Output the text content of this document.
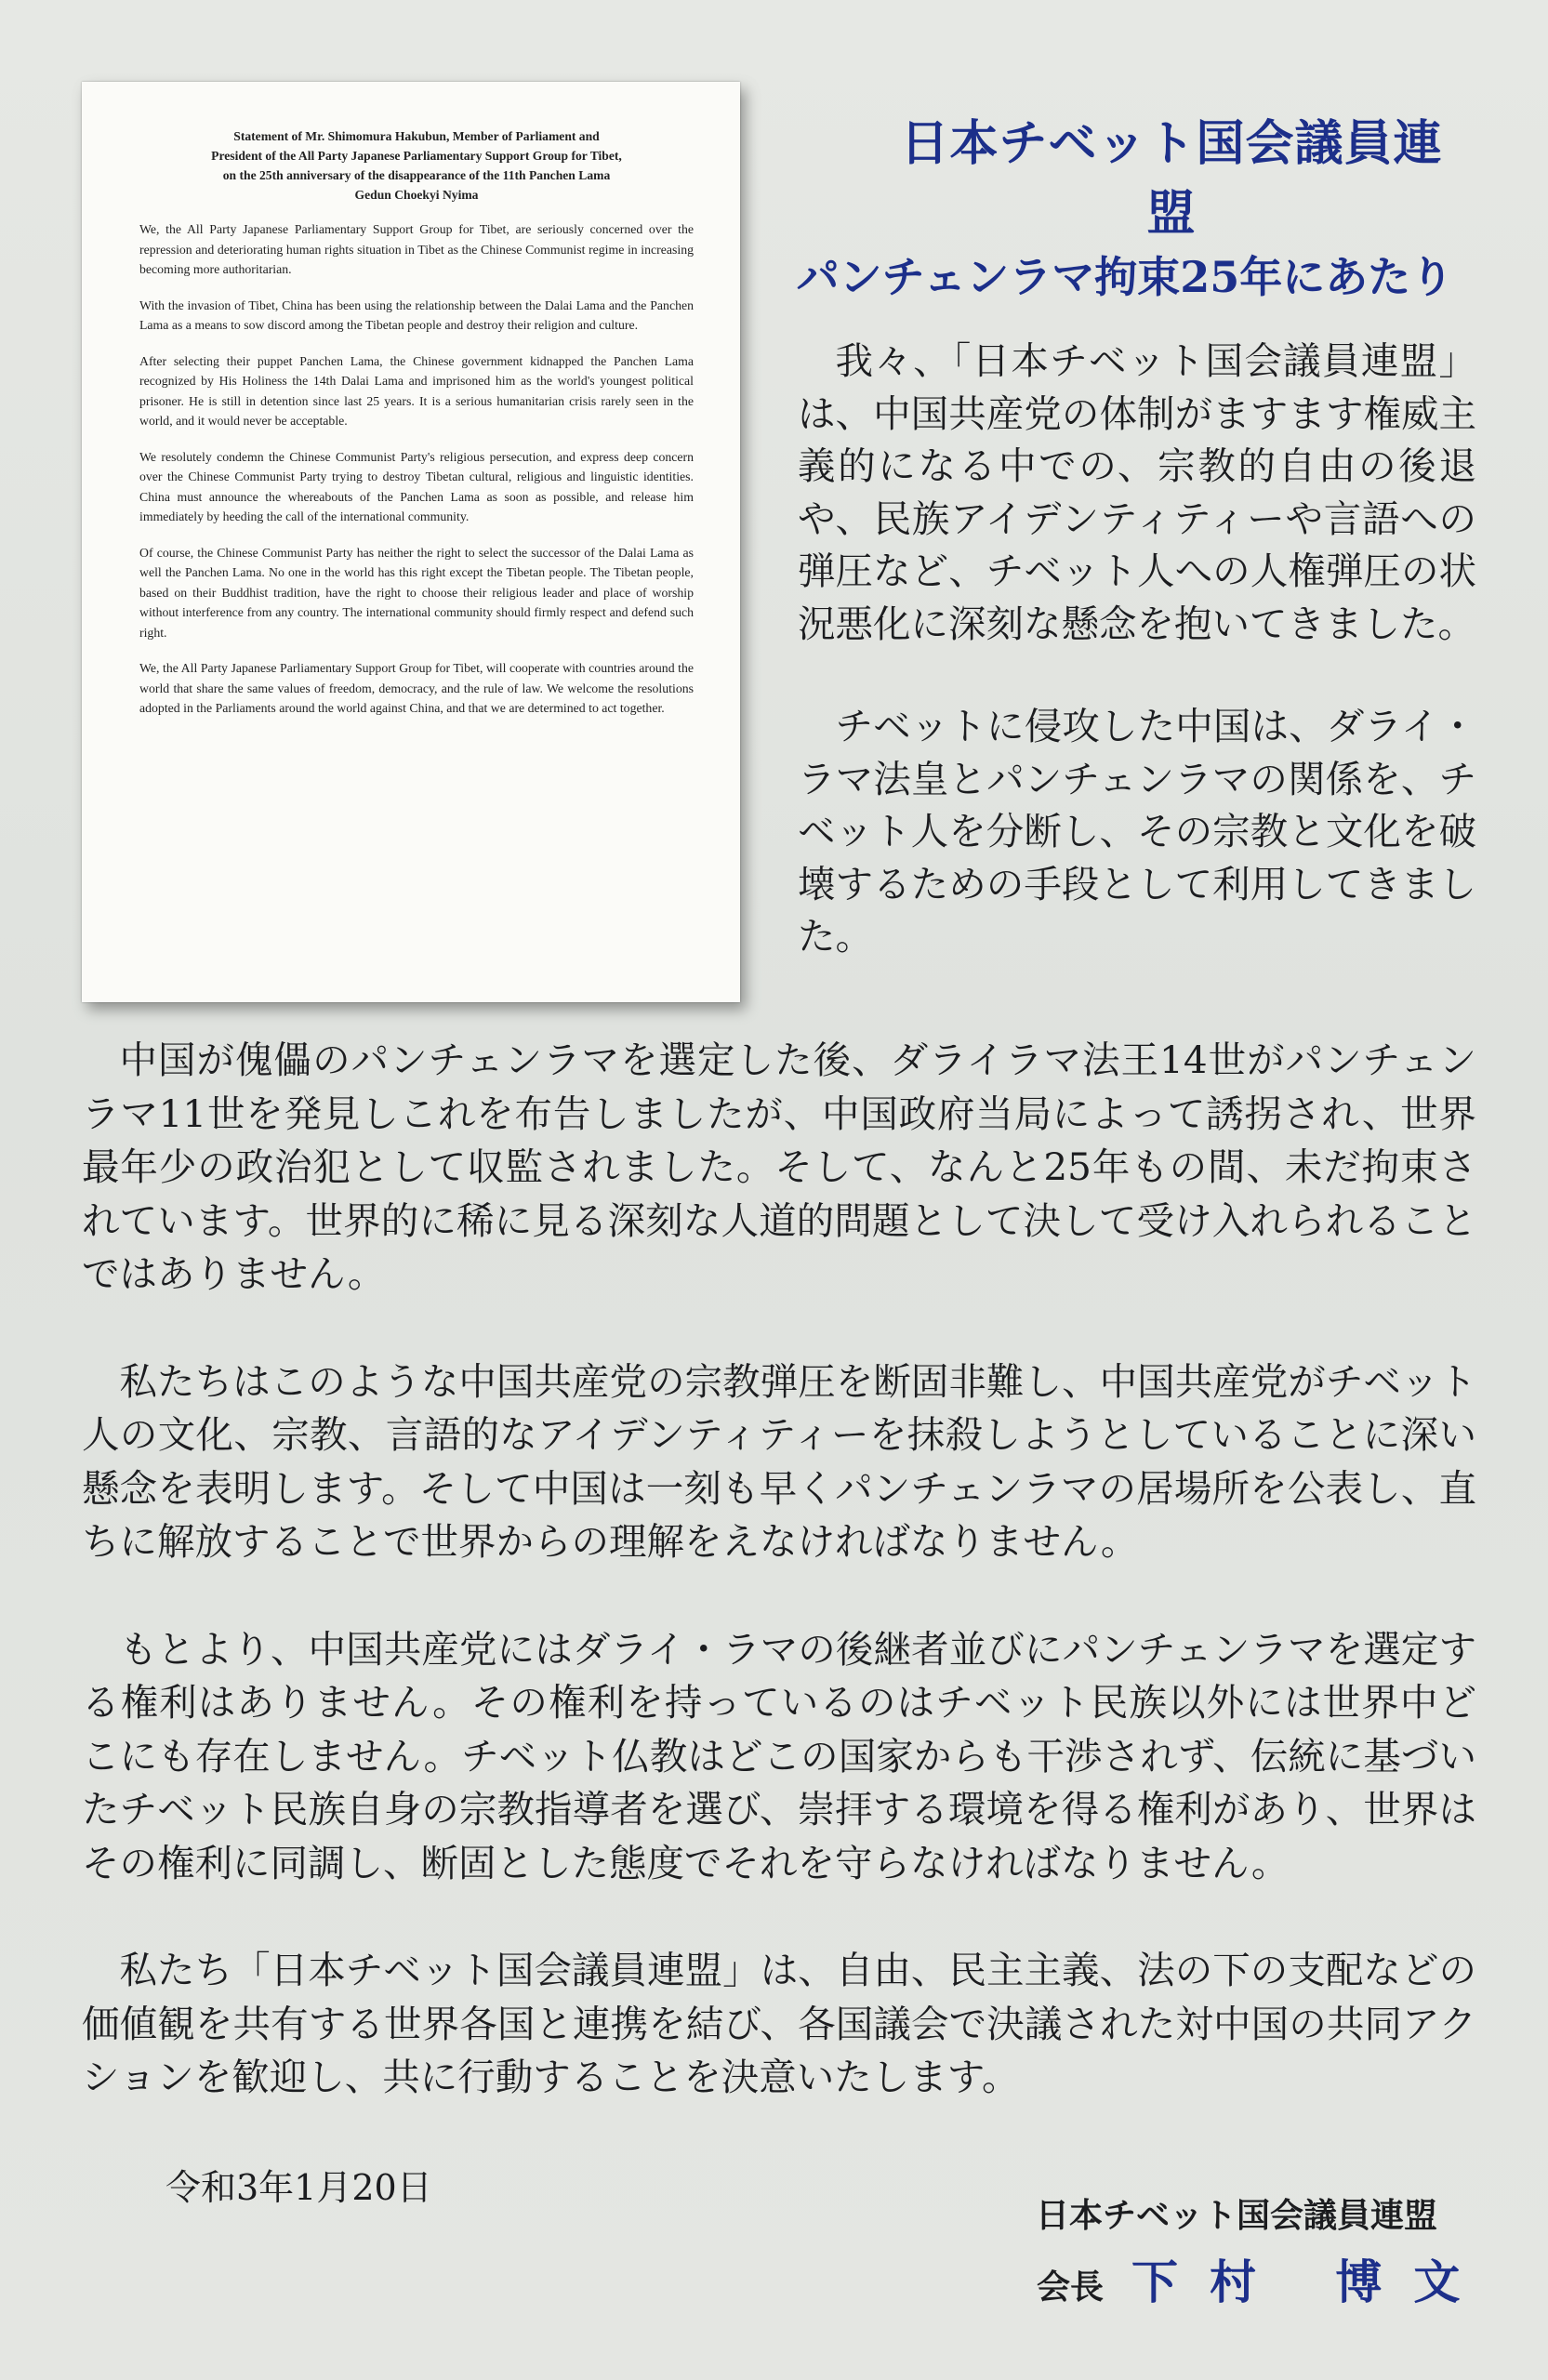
Statement of Mr. Shimomura Hakubun, Member of Parliament and
President of the All Party Japanese Parliamentary Support Group for Tibet,
on the 25th anniversary of the disappearance of the 11th Panchen Lama
Gedun Choekyi Nyima

We, the All Party Japanese Parliamentary Support Group for Tibet, are seriously concerned over the repression and deteriorating human rights situation in Tibet as the Chinese Communist regime in increasing becoming more authoritarian.

With the invasion of Tibet, China has been using the relationship between the Dalai Lama and the Panchen Lama as a means to sow discord among the Tibetan people and destroy their religion and culture.

After selecting their puppet Panchen Lama, the Chinese government kidnapped the Panchen Lama recognized by His Holiness the 14th Dalai Lama and imprisoned him as the world's youngest political prisoner. He is still in detention since last 25 years. It is a serious humanitarian crisis rarely seen in the world, and it would never be acceptable.

We resolutely condemn the Chinese Communist Party's religious persecution, and express deep concern over the Chinese Communist Party trying to destroy Tibetan cultural, religious and linguistic identities. China must announce the whereabouts of the Panchen Lama as soon as possible, and release him immediately by heeding the call of the international community.

Of course, the Chinese Communist Party has neither the right to select the successor of the Dalai Lama as well the Panchen Lama. No one in the world has this right except the Tibetan people. The Tibetan people, based on their Buddhist tradition, have the right to choose their religious leader and place of worship without interference from any country. The international community should firmly respect and defend such right.

We, the All Party Japanese Parliamentary Support Group for Tibet, will cooperate with countries around the world that share the same values of freedom, democracy, and the rule of law. We welcome the resolutions adopted in the Parliaments around the world against China, and that we are determined to act together.

日本チベット国会議員連盟
パンチェンラマ拘束25年にあたり

我々、「日本チベット国会議員連盟」は、中国共産党の体制がますます権威主義的になる中での、宗教的自由の後退や、民族アイデンティティーや言語への弾圧など、チベット人への人権弾圧の状況悪化に深刻な懸念を抱いてきました。

チベットに侵攻した中国は、ダライ・ラマ法皇とパンチェンラマの関係を、チベット人を分断し、その宗教と文化を破壊するための手段として利用してきました。

中国が傀儡のパンチェンラマを選定した後、ダライラマ法王14世がパンチェンラマ11世を発見しこれを布告しましたが、中国政府当局によって誘拐され、世界最年少の政治犯として収監されました。そして、なんと25年もの間、未だ拘束されています。世界的に稀に見る深刻な人道的問題として決して受け入れられることではありません。

私たちはこのような中国共産党の宗教弾圧を断固非難し、中国共産党がチベット人の文化、宗教、言語的なアイデンティティーを抹殺しようとしていることに深い懸念を表明します。そして中国は一刻も早くパンチェンラマの居場所を公表し、直ちに解放することで世界からの理解をえなければなりません。

もとより、中国共産党にはダライ・ラマの後継者並びにパンチェンラマを選定する権利はありません。その権利を持っているのはチベット民族以外には世界中どこにも存在しません。チベット仏教はどこの国家からも干渉されず、伝統に基づいたチベット民族自身の宗教指導者を選び、崇拝する環境を得る権利があり、世界はその権利に同調し、断固とした態度でそれを守らなければなりません。

私たち「日本チベット国会議員連盟」は、自由、民主主義、法の下の支配などの価値観を共有する世界各国と連携を結び、各国議会で決議された対中国の共同アクションを歓迎し、共に行動することを決意いたします。

令和3年1月20日

日本チベット国会議員連盟

会長 下村 博文
